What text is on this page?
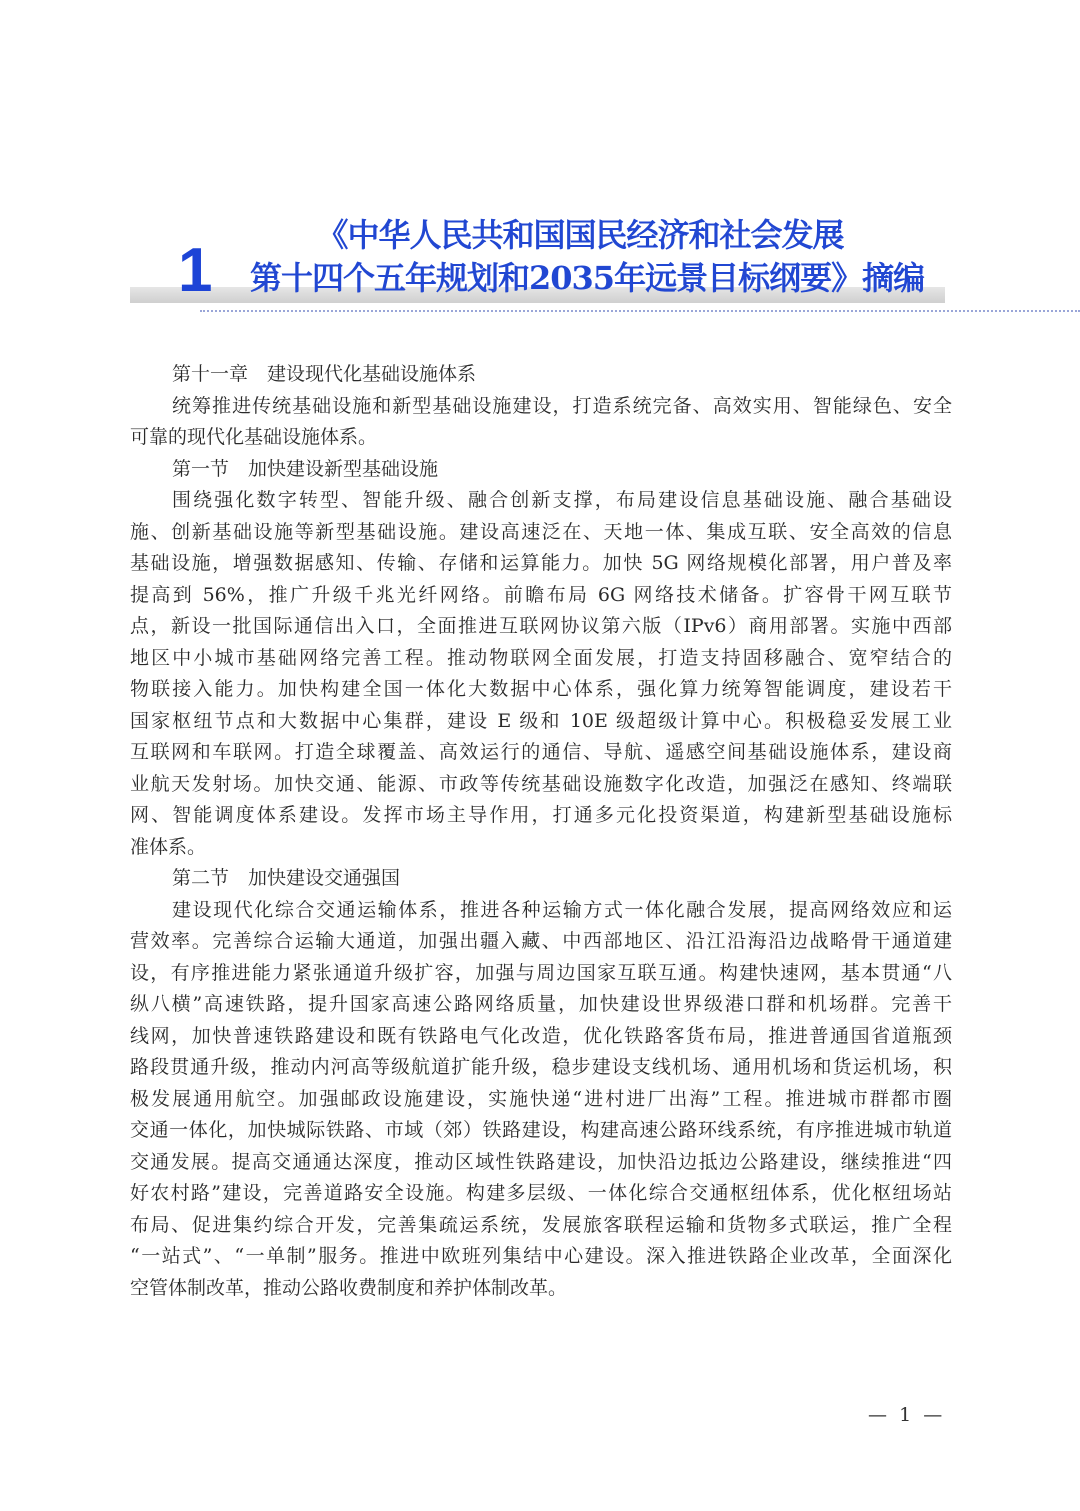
1
《中华人民共和国国民经济和社会发展
第十四个五年规划和2035年远景目标纲要》摘编
第十一章　建设现代化基础设施体系
统筹推进传统基础设施和新型基础设施建设，打造系统完备、高效实用、智能绿色、安全
可靠的现代化基础设施体系。
第一节　加快建设新型基础设施
围绕强化数字转型、智能升级、融合创新支撑，布局建设信息基础设施、融合基础设
施、创新基础设施等新型基础设施。建设高速泛在、天地一体、集成互联、安全高效的信息
基础设施，增强数据感知、传输、存储和运算能力。加快 5G 网络规模化部署，用户普及率
提高到 56%，推广升级千兆光纤网络。前瞻布局 6G 网络技术储备。扩容骨干网互联节
点，新设一批国际通信出入口，全面推进互联网协议第六版（IPv6）商用部署。实施中西部
地区中小城市基础网络完善工程。推动物联网全面发展，打造支持固移融合、宽窄结合的
物联接入能力。加快构建全国一体化大数据中心体系，强化算力统筹智能调度，建设若干
国家枢纽节点和大数据中心集群，建设 E 级和 10E 级超级计算中心。积极稳妥发展工业
互联网和车联网。打造全球覆盖、高效运行的通信、导航、遥感空间基础设施体系，建设商
业航天发射场。加快交通、能源、市政等传统基础设施数字化改造，加强泛在感知、终端联
网、智能调度体系建设。发挥市场主导作用，打通多元化投资渠道，构建新型基础设施标
准体系。
第二节　加快建设交通强国
建设现代化综合交通运输体系，推进各种运输方式一体化融合发展，提高网络效应和运
营效率。完善综合运输大通道，加强出疆入藏、中西部地区、沿江沿海沿边战略骨干通道建
设，有序推进能力紧张通道升级扩容，加强与周边国家互联互通。构建快速网，基本贯通“八
纵八横”高速铁路，提升国家高速公路网络质量，加快建设世界级港口群和机场群。完善干
线网，加快普速铁路建设和既有铁路电气化改造，优化铁路客货布局，推进普通国省道瓶颈
路段贯通升级，推动内河高等级航道扩能升级，稳步建设支线机场、通用机场和货运机场，积
极发展通用航空。加强邮政设施建设，实施快递“进村进厂出海”工程。推进城市群都市圈
交通一体化，加快城际铁路、市域（郊）铁路建设，构建高速公路环线系统，有序推进城市轨道
交通发展。提高交通通达深度，推动区域性铁路建设，加快沿边抵边公路建设，继续推进“四
好农村路”建设，完善道路安全设施。构建多层级、一体化综合交通枢纽体系，优化枢纽场站
布局、促进集约综合开发，完善集疏运系统，发展旅客联程运输和货物多式联运，推广全程
“一站式”、“一单制”服务。推进中欧班列集结中心建设。深入推进铁路企业改革，全面深化
空管体制改革，推动公路收费制度和养护体制改革。
—  1  —
